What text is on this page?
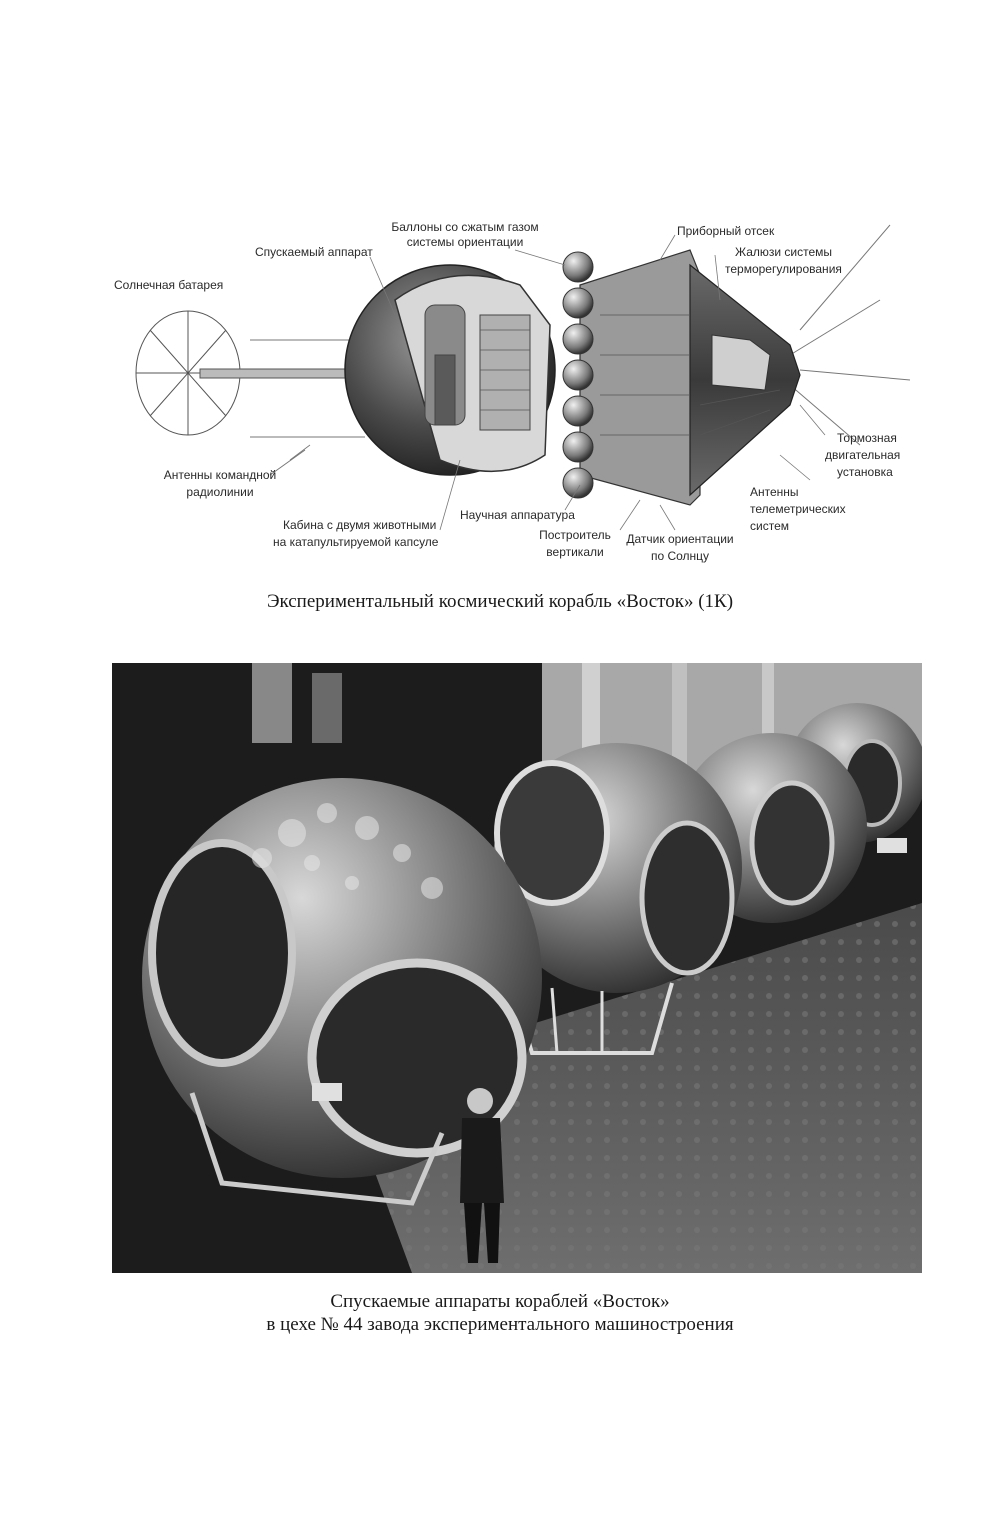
Солнечная батарея
Спускаемый аппарат
Баллоны со сжатым газом
системы ориентации
Приборный отсек
Жалюзи системы
терморегулирования
Антенны командной
радиолинии
Кабина с двумя животными
на катапультируемой капсуле
Научная аппаратура
Построитель
вертикали
Датчик ориентации
по Солнцу
Антенны
телеметрических
систем
Тормозная
двигательная
установка
Экспериментальный космический корабль «Восток» (1К)
Спускаемые аппараты кораблей «Восток»
в цехе № 44 завода экспериментального машиностроения
